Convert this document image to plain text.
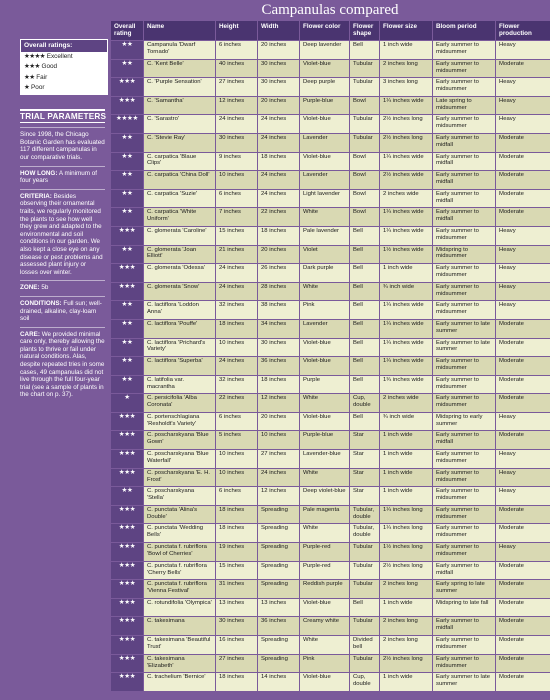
Campanulas compared
Overall ratings:
★★★★ Excellent
★★★ Good
★★ Fair
★ Poor
TRIAL PARAMETERS
Since 1998, the Chicago Botanic Garden has evaluated 117 different campanulas in our comparative trials.
HOW LONG: A minimum of four years
CRITERIA: Besides observing their ornamental traits, we regularly monitored the plants to see how well they grew and adapted to the environmental and soil conditions in our garden. We also kept a close eye on any disease or pest problems and assessed plant injury or losses over winter.
ZONE: 5b
CONDITIONS: Full sun; well-drained, alkaline, clay-loam soil
CARE: We provided minimal care only, thereby allowing the plants to thrive or fail under natural conditions. Alas, despite repeated tries in some cases, 49 campanulas did not live through the full four-year trial (see a sample of plants in the chart on p. 37).
Overall rating	Name	Height	Width	Flower color	Flower shape	Flower size	Bloom period	Flower production
★★	Campanula 'Dwarf Tornado'	6 inches	20 inches	Deep lavender	Bell	1 inch wide	Early summer to midsummer	Heavy
★★	C. 'Kent Belle'	40 inches	30 inches	Violet-blue	Tubular	2 inches long	Early summer to midsummer	Moderate
★★★	C. 'Purple Sensation'	27 inches	30 inches	Deep purple	Tubular	3 inches long	Early summer to midsummer	Heavy
★★★	C. 'Samantha'	12 inches	20 inches	Purple-blue	Bowl	1¼ inches wide	Late spring to midsummer	Heavy
★★★★	C. 'Sarastro'	24 inches	24 inches	Violet-blue	Tubular	2½ inches long	Early summer to midsummer	Heavy
★★	C. 'Stevie Ray'	30 inches	24 inches	Lavender	Tubular	2½ inches long	Early summer to midfall	Moderate
★★	C. carpatica 'Blaue Clips'	9 inches	18 inches	Violet-blue	Bowl	1¼ inches wide	Early summer to midfall	Moderate
★★	C. carpatica 'China Doll'	10 inches	24 inches	Lavender	Bowl	2½ inches wide	Early summer to midfall	Moderate
★★	C. carpatica 'Suzie'	6 inches	24 inches	Light lavender	Bowl	2 inches wide	Early summer to midfall	Moderate
★★	C. carpatica 'White Uniform'	7 inches	22 inches	White	Bowl	1¼ inches wide	Early summer to midfall	Moderate
★★★	C. glomerata 'Caroline'	15 inches	18 inches	Pale lavender	Bell	1¼ inches wide	Early summer to midsummer	Heavy
★★	C. glomerata 'Joan Elliott'	21 inches	20 inches	Violet	Bell	1½ inches wide	Midspring to midsummer	Heavy
★★★	C. glomerata 'Odessa'	24 inches	26 inches	Dark purple	Bell	1 inch wide	Early summer to midsummer	Heavy
★★★	C. glomerata 'Snow'	24 inches	28 inches	White	Bell	¾ inch wide	Early summer to midsummer	Heavy
★★	C. lactiflora 'Loddon Anna'	32 inches	38 inches	Pink	Bell	1¼ inches wide	Early summer to midsummer	Heavy
★★	C. lactiflora 'Pouffe'	18 inches	34 inches	Lavender	Bell	1¼ inches wide	Early summer to late summer	Moderate
★★	C. lactiflora 'Prichard's Variety'	10 inches	30 inches	Violet-blue	Bell	1¼ inches wide	Early summer to late summer	Moderate
★★	C. lactiflora 'Superba'	24 inches	36 inches	Violet-blue	Bell	1¼ inches wide	Early summer to midsummer	Moderate
★★	C. latifolia var. macrantha	32 inches	18 inches	Purple	Bell	1¾ inches wide	Early summer to midsummer	Moderate
★	C. persicifolia 'Alba Coronata'	22 inches	12 inches	White	Cup, double	2 inches wide	Early summer to midsummer	Moderate
★★★	C. portenschlagiana 'Resholdt's Variety'	6 inches	20 inches	Violet-blue	Bell	¾ inch wide	Midspring to early summer	Heavy
★★★	C. poscharskyana 'Blue Gown'	5 inches	10 inches	Purple-blue	Star	1 inch wide	Early summer to midfall	Moderate
★★★	C. poscharskyana 'Blue Waterfall'	10 inches	27 inches	Lavender-blue	Star	1 inch wide	Early summer to midsummer	Heavy
★★★	C. poscharskyana 'E. H. Frost'	10 inches	24 inches	White	Star	1 inch wide	Early summer to midsummer	Heavy
★★	C. poscharskyana 'Stella'	6 inches	12 inches	Deep violet-blue	Star	1 inch wide	Early summer to midsummer	Heavy
★★★	C. punctata 'Alina's Double'	18 inches	Spreading	Pale magenta	Tubular, double	1¼ inches long	Early summer to midsummer	Moderate
★★★	C. punctata 'Wedding Bells'	18 inches	Spreading	White	Tubular, double	1¼ inches long	Early summer to midsummer	Moderate
★★★	C. punctata f. rubriflora 'Bowl of Cherries'	19 inches	Spreading	Purple-red	Tubular	1½ inches long	Early summer to midsummer	Heavy
★★★	C. punctata f. rubriflora 'Cherry Bells'	15 inches	Spreading	Purple-red	Tubular	2½ inches long	Early summer to midfall	Moderate
★★★	C. punctata f. rubriflora 'Vienna Festival'	31 inches	Spreading	Reddish purple	Tubular	2 inches long	Early spring to late summer	Moderate
★★★	C. rotundifolia 'Olympica'	13 inches	13 inches	Violet-blue	Bell	1 inch wide	Midspring to late fall	Moderate
★★★	C. takesimana	30 inches	36 inches	Creamy white	Tubular	2 inches long	Early summer to midfall	Moderate
★★★	C. takesimana 'Beautiful Trust'	16 inches	Spreading	White	Divided bell	2 inches long	Early summer to midsummer	Moderate
★★★	C. takesimana 'Elizabeth'	27 inches	Spreading	Pink	Tubular	2½ inches long	Early summer to midsummer	Moderate
★★★	C. trachelium 'Bernice'	18 inches	14 inches	Violet-blue	Cup, double	1 inch wide	Early summer to late summer	Moderate
